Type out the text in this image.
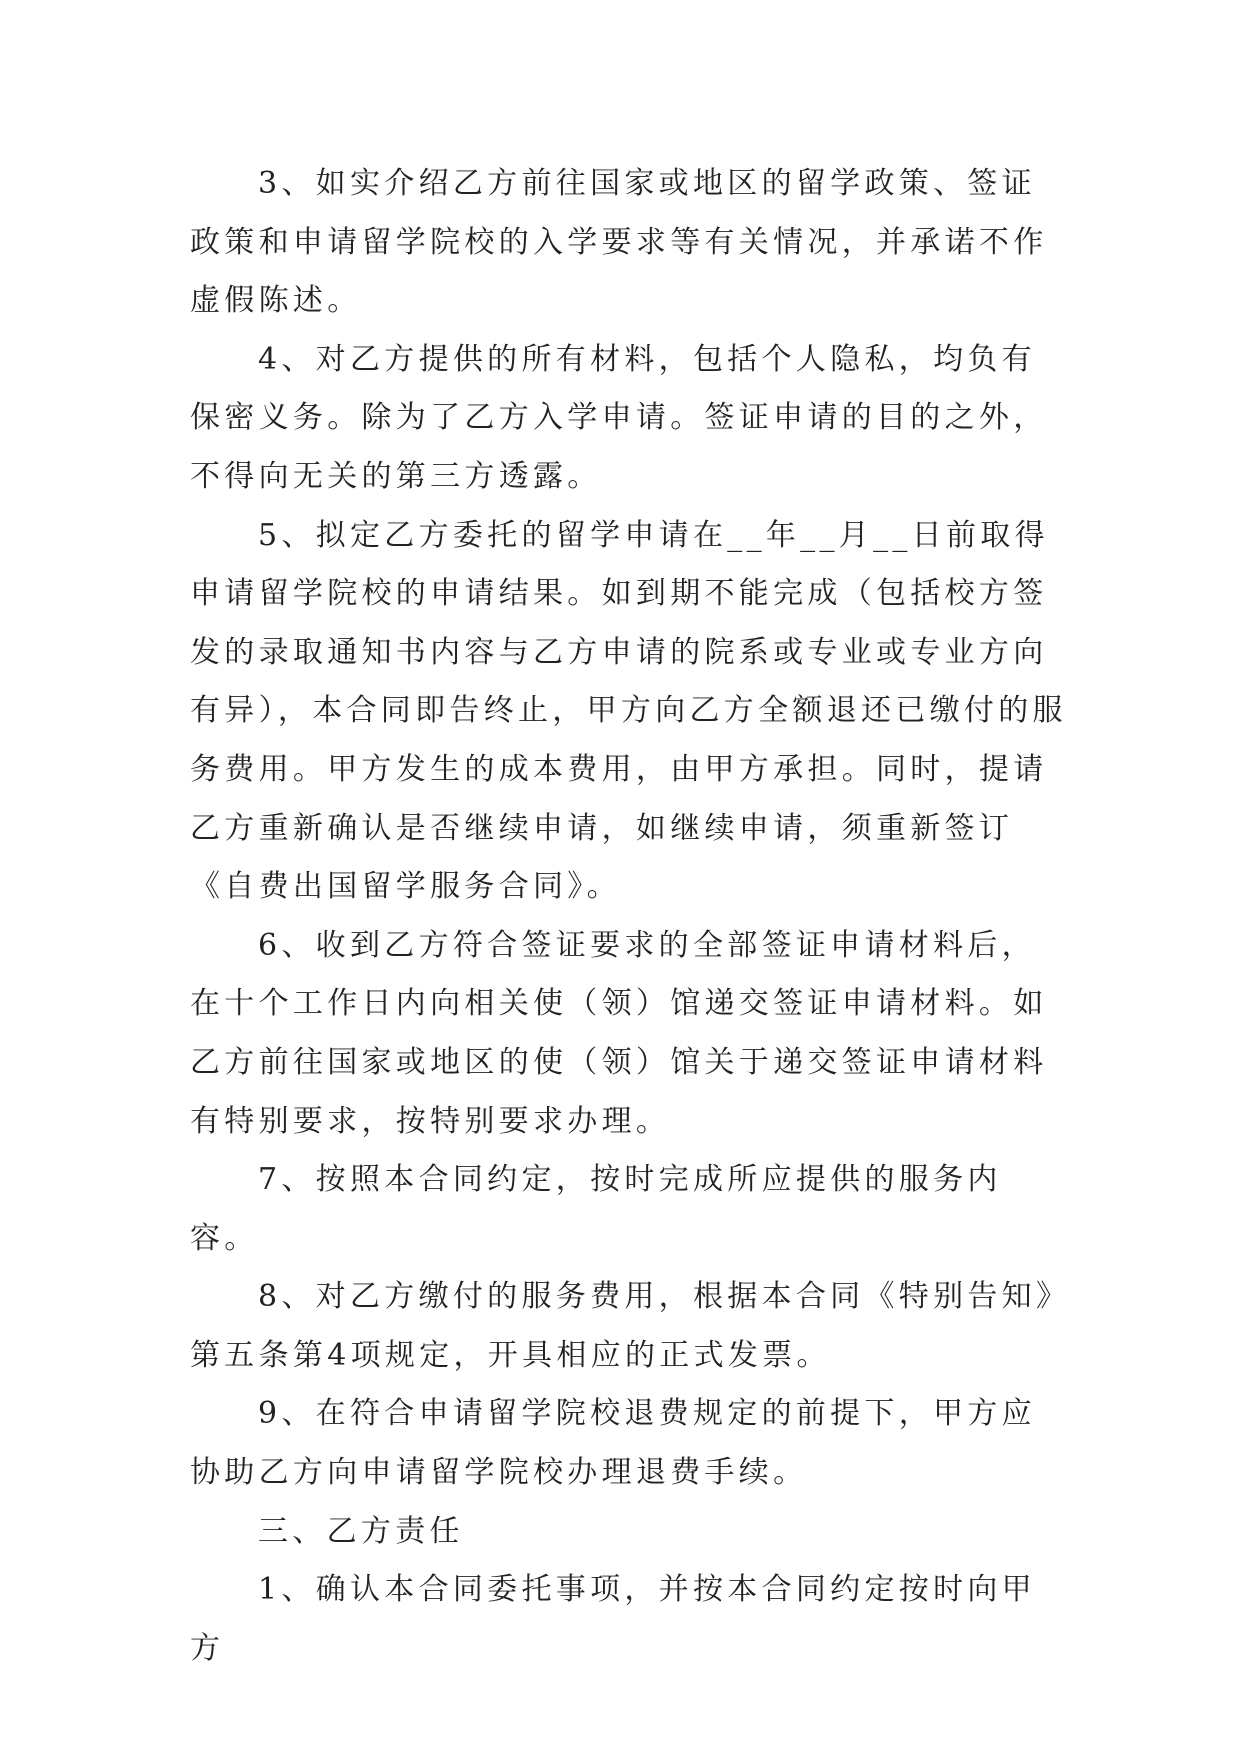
3、如实介绍乙方前往国家或地区的留学政策、签证政策和申请留学院校的入学要求等有关情况，并承诺不作虚假陈述。

4、对乙方提供的所有材料，包括个人隐私，均负有保密义务。除为了乙方入学申请。签证申请的目的之外，不得向无关的第三方透露。

5、拟定乙方委托的留学申请在__年__月__日前取得申请留学院校的申请结果。如到期不能完成（包括校方签发的录取通知书内容与乙方申请的院系或专业或专业方向有异），本合同即告终止，甲方向乙方全额退还已缴付的服务费用。甲方发生的成本费用，由甲方承担。同时，提请乙方重新确认是否继续申请，如继续申请，须重新签订《自费出国留学服务合同》。

6、收到乙方符合签证要求的全部签证申请材料后，在十个工作日内向相关使（领）馆递交签证申请材料。如乙方前往国家或地区的使（领）馆关于递交签证申请材料有特别要求，按特别要求办理。

7、按照本合同约定，按时完成所应提供的服务内容。

8、对乙方缴付的服务费用，根据本合同《特别告知》第五条第4项规定，开具相应的正式发票。

9、在符合申请留学院校退费规定的前提下，甲方应协助乙方向申请留学院校办理退费手续。

三、乙方责任

1、确认本合同委托事项，并按本合同约定按时向甲方
